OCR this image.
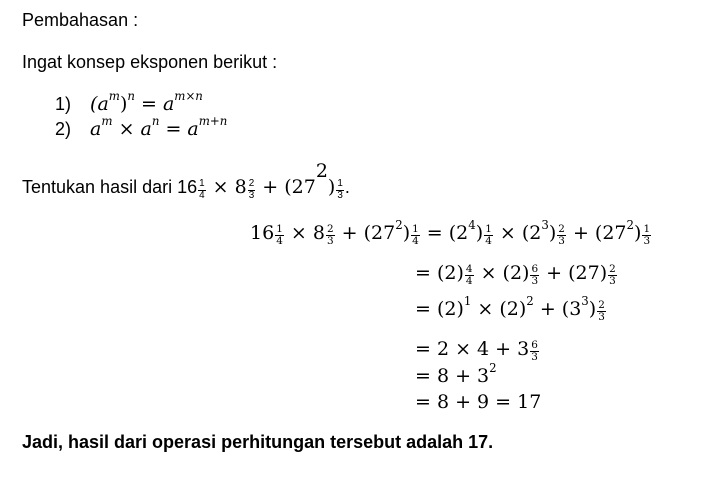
Pembahasan :
Ingat konsep eksponen berikut :
1) $(a^m)^n = a^{m\times n}$
2) $a^m \times a^n = a^{m+n}$
Tentukan hasil dari $16 \frac{1}{4} \times 8 \frac{2}{3} + (27^2) \frac{1}{3}$ .
$16 \frac{1}{4} \times 8 \frac{2}{3} + (27^2) \frac{1}{4} = (2^4) \frac{1}{4} \times (2^3) \frac{2}{3} + (27^2) \frac{1}{3}$
= $(2) \frac{4}{4} \times (2) \frac{6}{3} + (27) \frac{2}{3}$
= $(2)^1 \times (2)^2 + (3^3) \frac{2}{3}$
= $2 \times 4 + 3 \frac{6}{3}$
= $8 + 3^2$
= 8 + 9 = 17
Jadi, hasil dari operasi perhitungan tersebut adalah 17.
